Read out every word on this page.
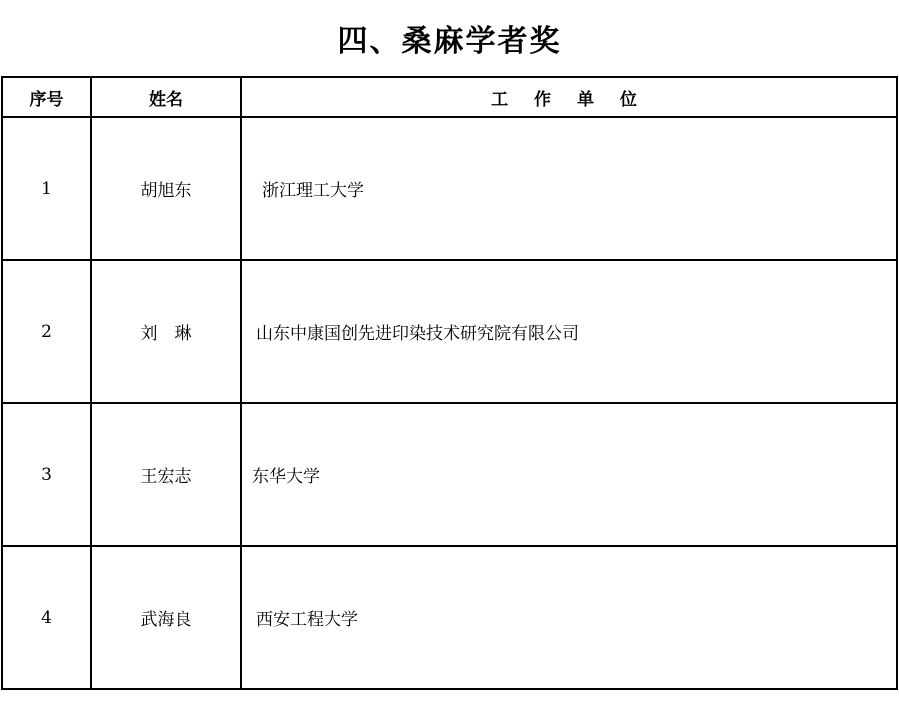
四、桑麻学者奖
序号	姓名	工 作 单 位
1	胡旭东	浙江理工大学
2	刘　琳	山东中康国创先进印染技术研究院有限公司
3	王宏志	东华大学
4	武海良	西安工程大学
